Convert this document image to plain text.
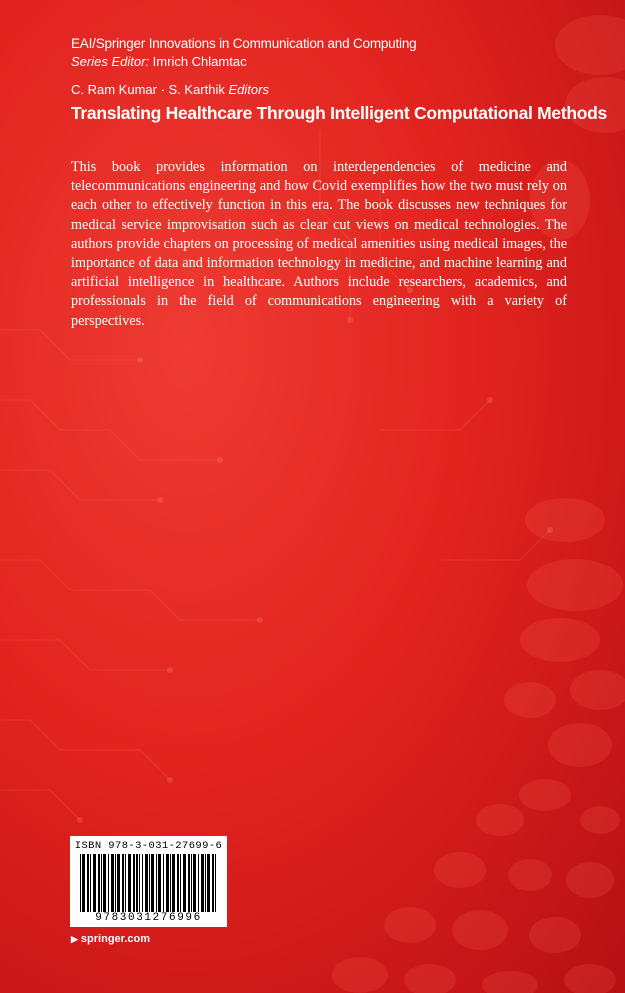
EAI/Springer Innovations in Communication and Computing
Series Editor: Imrich Chlamtac
C. Ram Kumar · S. Karthik Editors
Translating Healthcare Through Intelligent Computational Methods

This book provides information on interdependencies of medicine and telecommunications engineering and how Covid exemplifies how the two must rely on each other to effectively function in this era. The book discusses new techniques for medical service improvisation such as clear cut views on medical technologies. The authors provide chapters on processing of medical amenities using medical images, the importance of data and information technology in medicine, and machine learning and artificial intelligence in healthcare. Authors include researchers, academics, and professionals in the field of communications engineering with a variety of perspectives.

ISBN 978-3-031-27699-6
9783031276996
▶ springer.com
